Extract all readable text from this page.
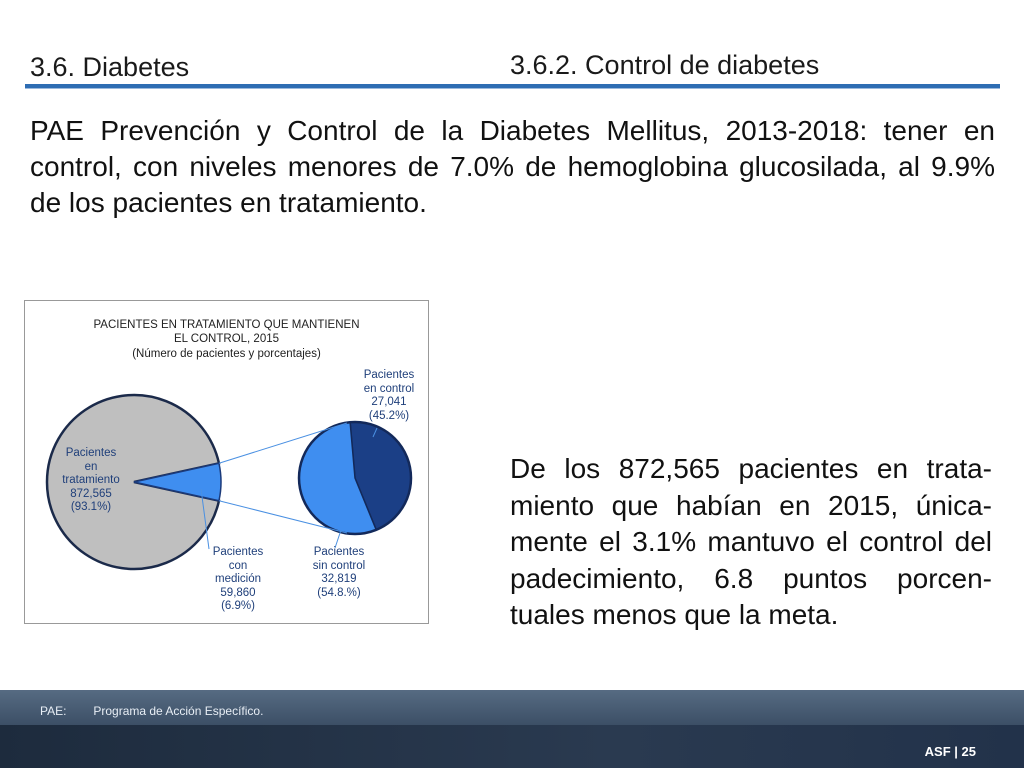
3.6. Diabetes	3.6.2. Control de diabetes
PAE Prevención y Control de la Diabetes Mellitus, 2013-2018: tener en control, con niveles menores de 7.0% de hemoglobina glucosilada, al 9.9% de los pacientes en tratamiento.
PACIENTES EN TRATAMIENTO QUE MANTIENEN
EL CONTROL, 2015
(Número de pacientes y porcentajes)
Pacientes
en
tratamiento
872,565
(93.1%)
Pacientes
con
medición
59,860
(6.9%)
Pacientes
en control
27,041
(45.2%)
Pacientes
sin control
32,819
(54.8.%)
De los 872,565 pacientes en trata-miento que habían en 2015, única-mente el 3.1% mantuvo el control del padecimiento, 6.8 puntos porcen-tuales menos que la meta.
PAE: Programa de Acción Específico.
ASF | 25
